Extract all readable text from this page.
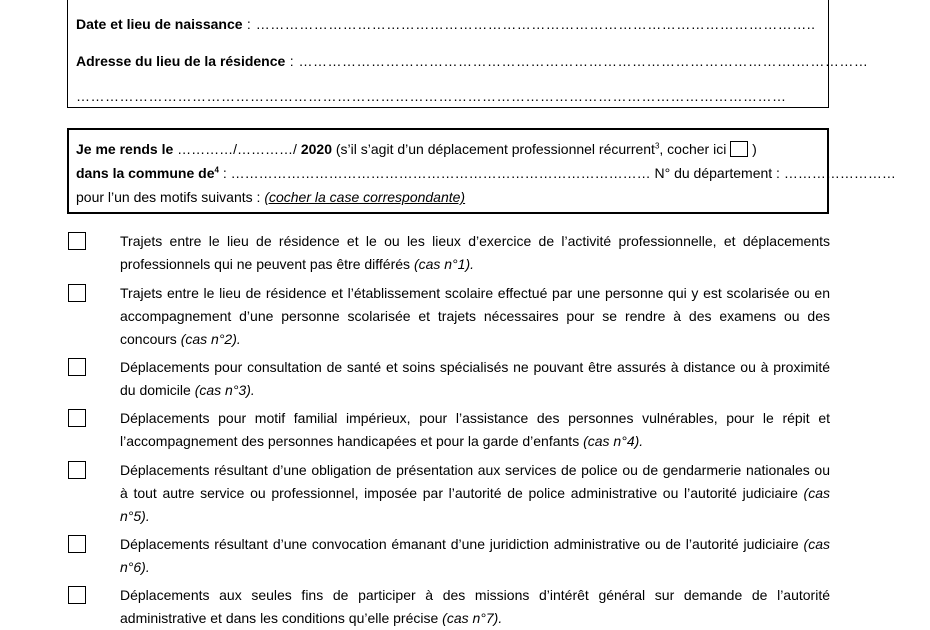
Date et lieu de naissance : ……………………………………………………………………………………………………..
Adresse du lieu de la résidence : ………………………………………………………………………………………….……………
…………………………………………………………………………………………………………………………………
Je me rends le …………/…………/ 2020 (s’il s’agit d’un déplacement professionnel récurrent$^3$, cocher ici  )
dans la commune $de^4$ : ……………………………………………………………………………… N° du département : ……………………
pour l’un des motifs suivants : (cocher la case correspondante)
Trajets entre le lieu de résidence et le ou les lieux d’exercice de l’activité professionnelle, et déplacements professionnels qui ne peuvent pas être différés (cas n°1).
Trajets entre le lieu de résidence et l’établissement scolaire effectué par une personne qui y est scolarisée ou en accompagnement d’une personne scolarisée et trajets nécessaires pour se rendre à des examens ou des concours (cas n°2).
Déplacements pour consultation de santé et soins spécialisés ne pouvant être assurés à distance ou à proximité du domicile (cas n°3).
Déplacements pour motif familial impérieux, pour l’assistance des personnes vulnérables, pour le répit et l’accompagnement des personnes handicapées et pour la garde d’enfants (cas n°4).
Déplacements résultant d’une obligation de présentation aux services de police ou de gendarmerie nationales ou à tout autre service ou professionnel, imposée par l’autorité de police administrative ou l’autorité judiciaire (cas n°5).
Déplacements résultant d’une convocation émanant d’une juridiction administrative ou de l’autorité judiciaire (cas n°6).
Déplacements aux seules fins de participer à des missions d’intérêt général sur demande de l’autorité administrative et dans les conditions qu’elle précise (cas n°7).
